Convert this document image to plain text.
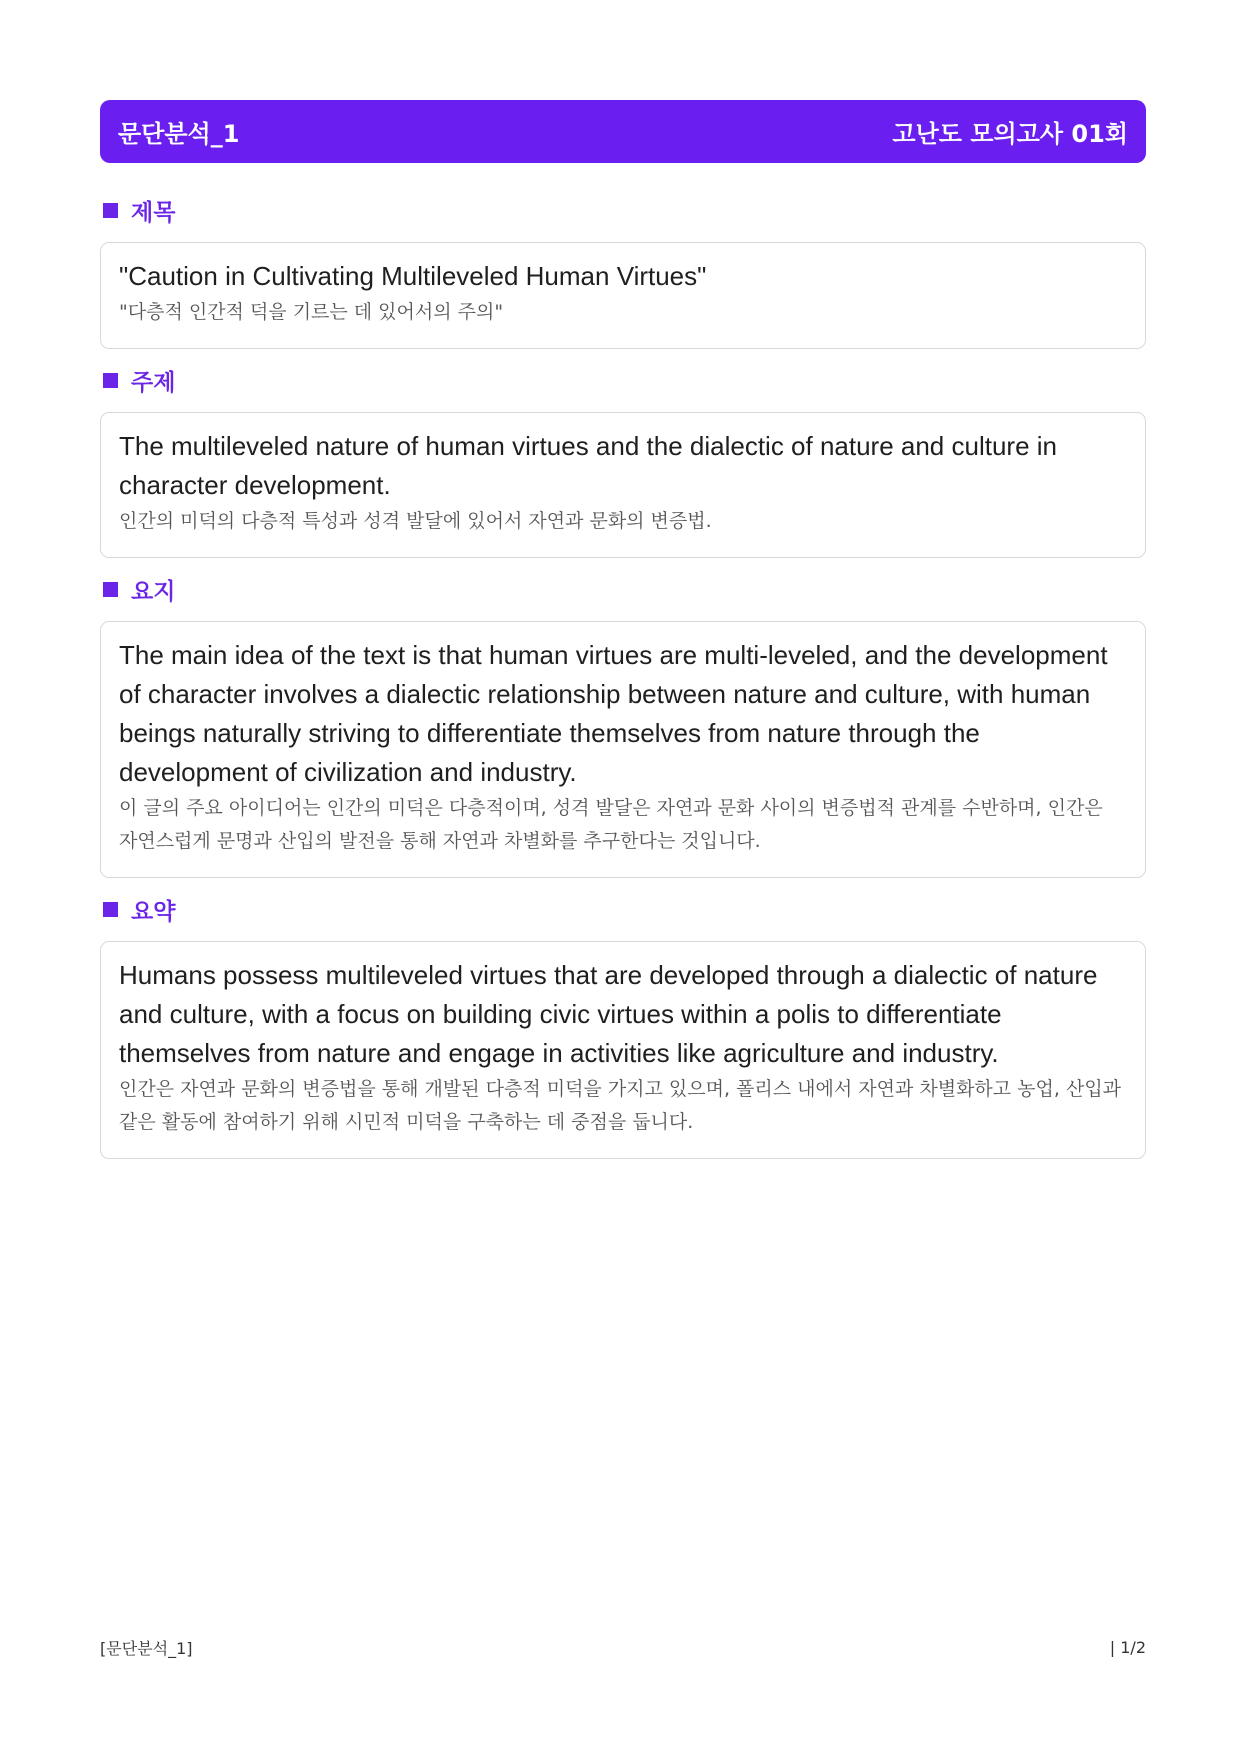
문단분석_1	고난도 모의고사 01회
제목

"Caution in Cultivating Multileveled Human Virtues"

"다층적 인간적 덕을 기르는 데 있어서의 주의"

주제

The multileveled nature of human virtues and the dialectic of nature and culture in character development.

인간의 미덕의 다층적 특성과 성격 발달에 있어서 자연과 문화의 변증법.

요지

The main idea of the text is that human virtues are multi-leveled, and the development of character involves a dialectic relationship between nature and culture, with human beings naturally striving to differentiate themselves from nature through the development of civilization and industry.

이 글의 주요 아이디어는 인간의 미덕은 다층적이며, 성격 발달은 자연과 문화 사이의 변증법적 관계를 수반하며, 인간은 자연스럽게 문명과 산입의 발전을 통해 자연과 차별화를 추구한다는 것입니다.

요약

Humans possess multileveled virtues that are developed through a dialectic of nature and culture, with a focus on building civic virtues within a polis to differentiate themselves from nature and engage in activities like agriculture and industry.

인간은 자연과 문화의 변증법을 통해 개발된 다층적 미덕을 가지고 있으며, 폴리스 내에서 자연과 차별화하고 농업, 산입과 같은 활동에 참여하기 위해 시민적 미덕을 구축하는 데 중점을 둡니다.

[문단분석_1]	| 1/2
